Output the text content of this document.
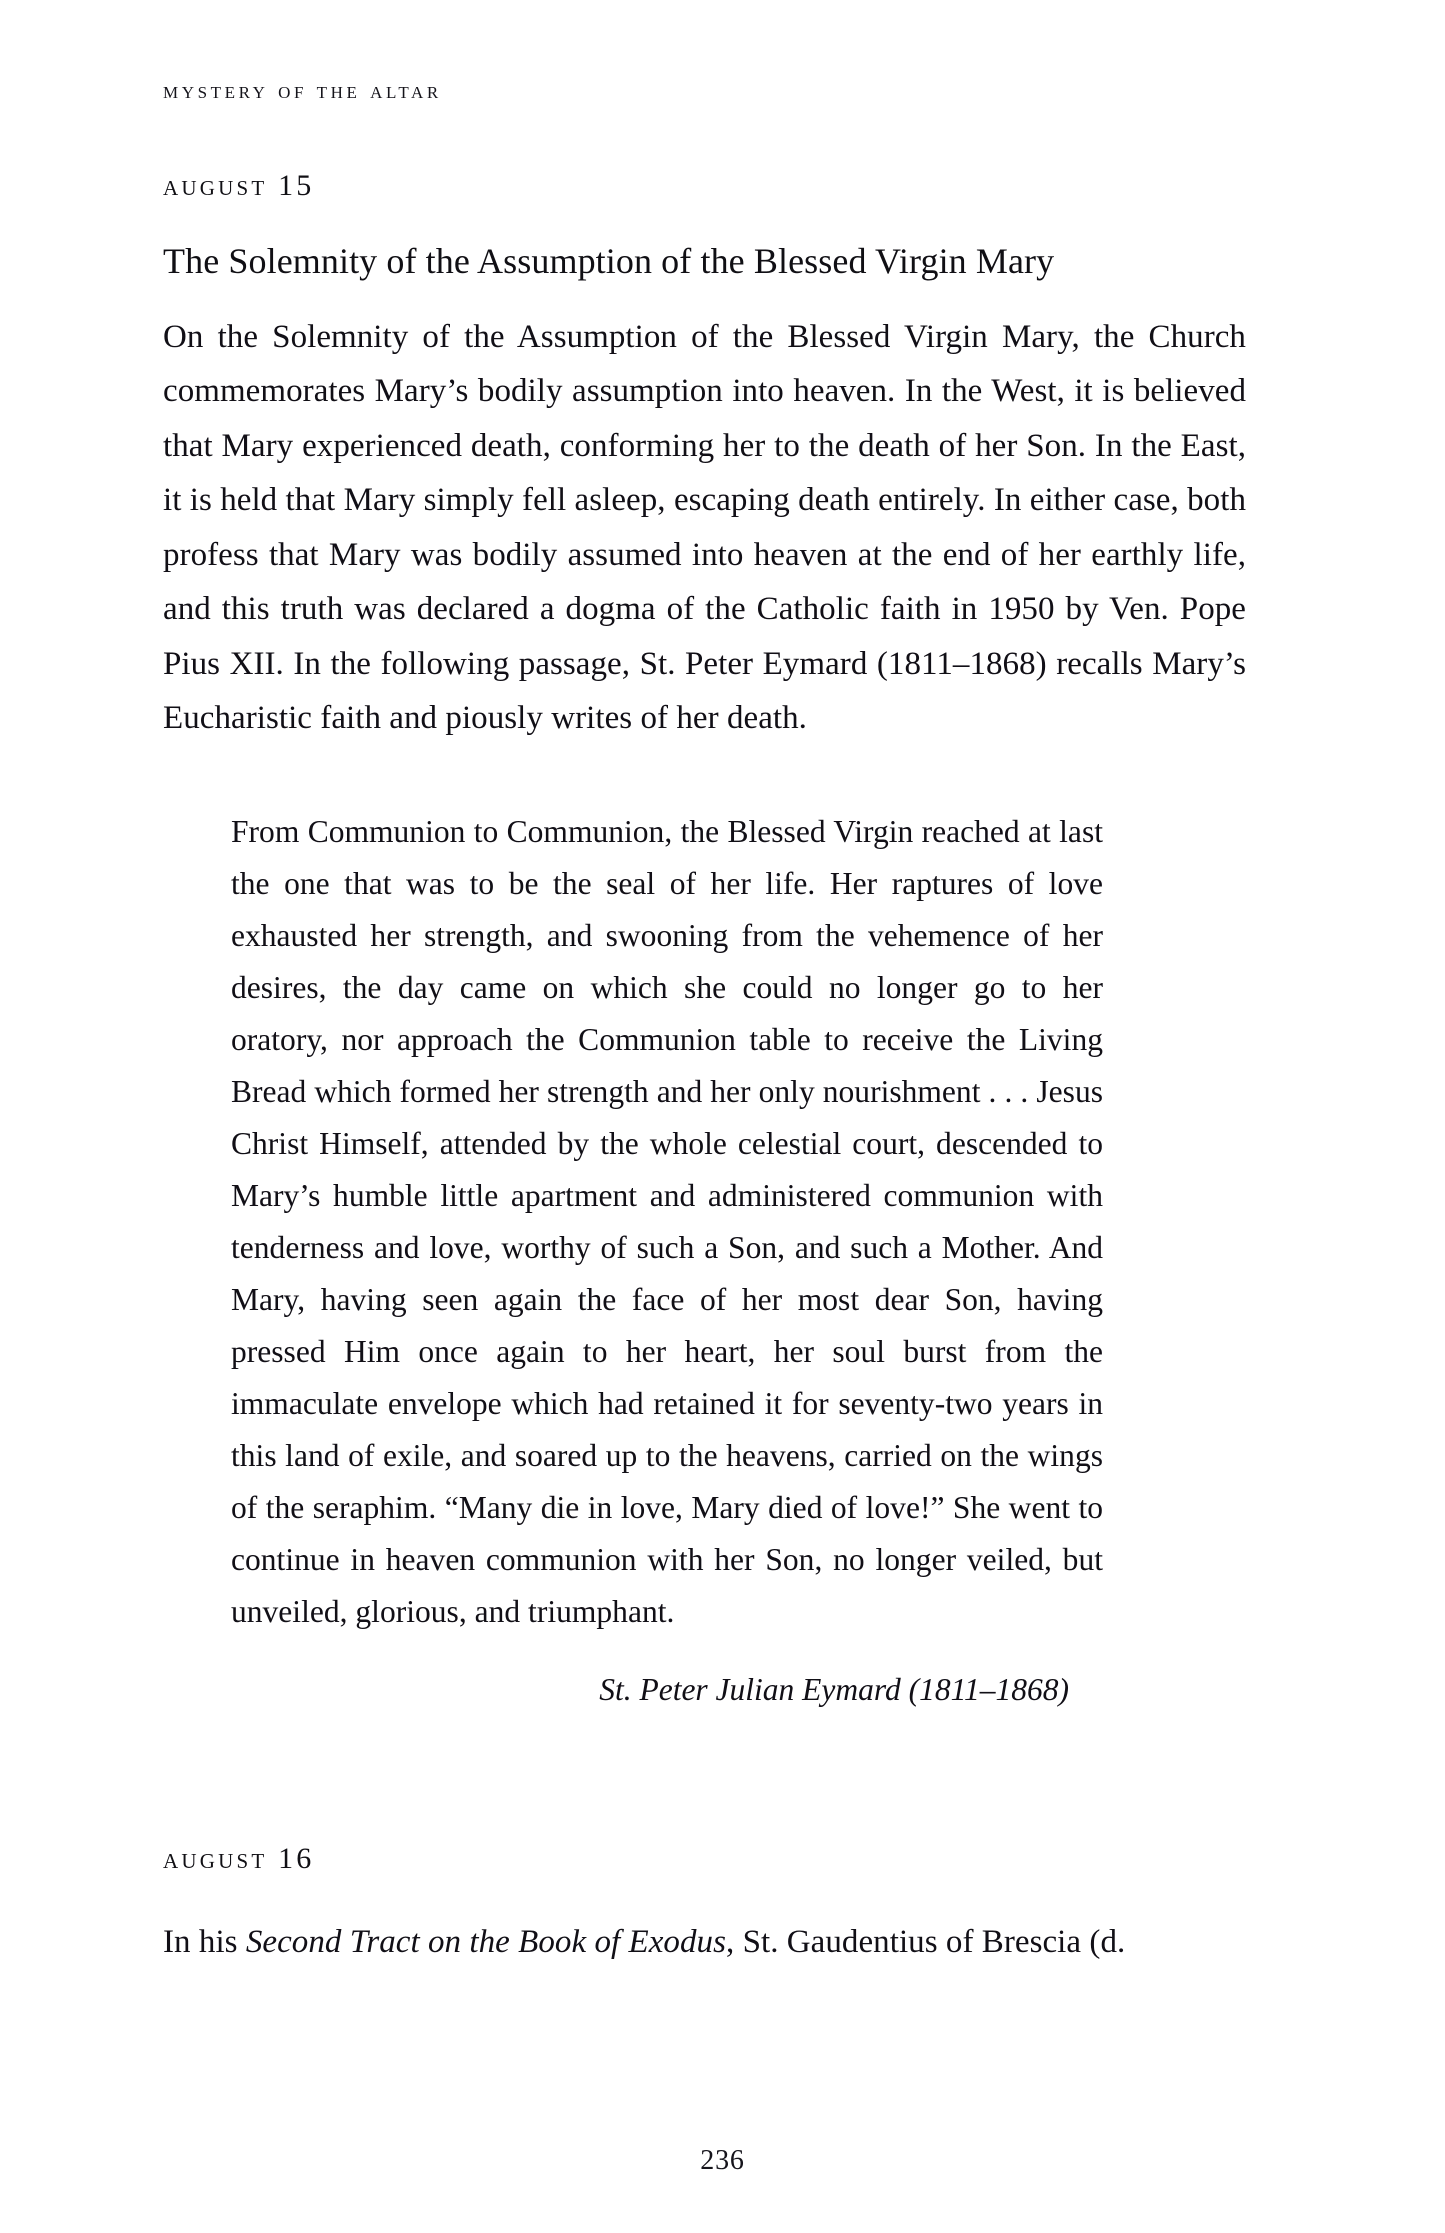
mystery of the altar
august 15
The Solemnity of the Assumption of the Blessed Virgin Mary

On the Solemnity of the Assumption of the Blessed Virgin Mary, the Church commemorates Mary’s bodily assumption into heaven. In the West, it is believed that Mary experienced death, conforming her to the death of her Son. In the East, it is held that Mary simply fell asleep, escaping death entirely. In either case, both profess that Mary was bodily assumed into heaven at the end of her earthly life, and this truth was declared a dogma of the Catholic faith in 1950 by Ven. Pope Pius XII. In the following passage, St. Peter Eymard (1811–1868) recalls Mary’s Eucharistic faith and piously writes of her death.

From Communion to Communion, the Blessed Virgin reached at last the one that was to be the seal of her life. Her raptures of love exhausted her strength, and swooning from the vehemence of her desires, the day came on which she could no longer go to her oratory, nor approach the Communion table to receive the Living Bread which formed her strength and her only nourishment . . . Jesus Christ Himself, attended by the whole celestial court, descended to Mary’s humble little apartment and administered communion with tenderness and love, worthy of such a Son, and such a Mother. And Mary, having seen again the face of her most dear Son, having pressed Him once again to her heart, her soul burst from the immaculate envelope which had retained it for seventy-two years in this land of exile, and soared up to the heavens, carried on the wings of the seraphim. “Many die in love, Mary died of love!” She went to continue in heaven communion with her Son, no longer veiled, but unveiled, glorious, and triumphant.

St. Peter Julian Eymard (1811–1868)
august 16

In his Second Tract on the Book of Exodus, St. Gaudentius of Brescia (d.

236
